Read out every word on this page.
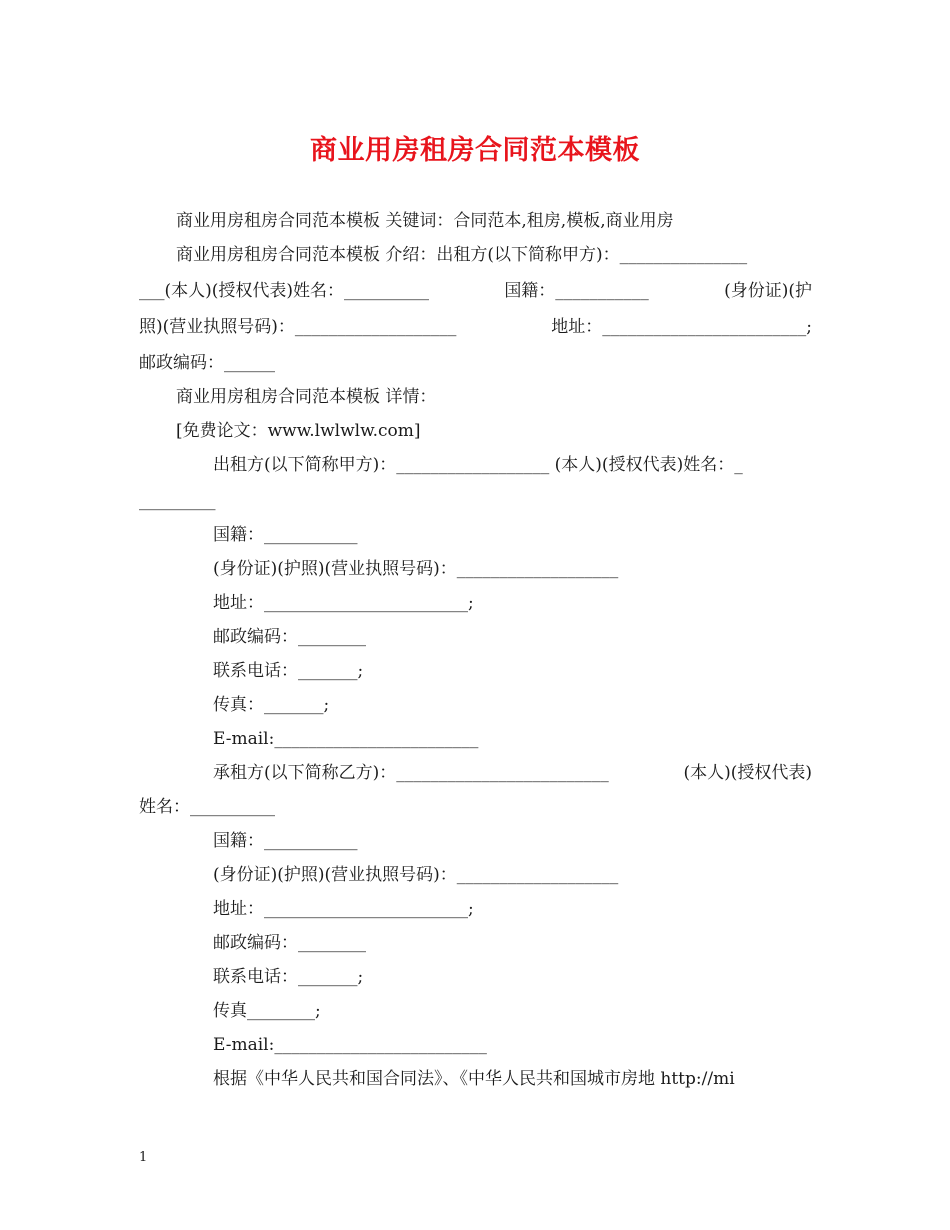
商业用房租房合同范本模板
商业用房租房合同范本模板 关键词：合同范本,租房,模板,商业用房
商业用房租房合同范本模板 介绍：出租方(以下简称甲方)：_______________
___(本人)(授权代表)姓名：__________	国籍：___________	(身份证)(护
照)(营业执照号码)：___________________	地址：________________________;
邮政编码：______
商业用房租房合同范本模板 详情：
[免费论文：www.lwlwlw.com]
出租方(以下简称甲方)：__________________ (本人)(授权代表)姓名：_
_________
国籍：___________
(身份证)(护照)(营业执照号码)：___________________
地址：________________________;
邮政编码：________
联系电话：_______;
传真：_______;
E-mail:________________________
承租方(以下简称乙方)：_________________________	(本人)(授权代表)
姓名：__________
国籍：___________
(身份证)(护照)(营业执照号码)：___________________
地址：________________________;
邮政编码：________
联系电话：_______;
传真________;
E-mail:_________________________
根据《中华人民共和国合同法》、《中华人民共和国城市房地 http://mi
1
